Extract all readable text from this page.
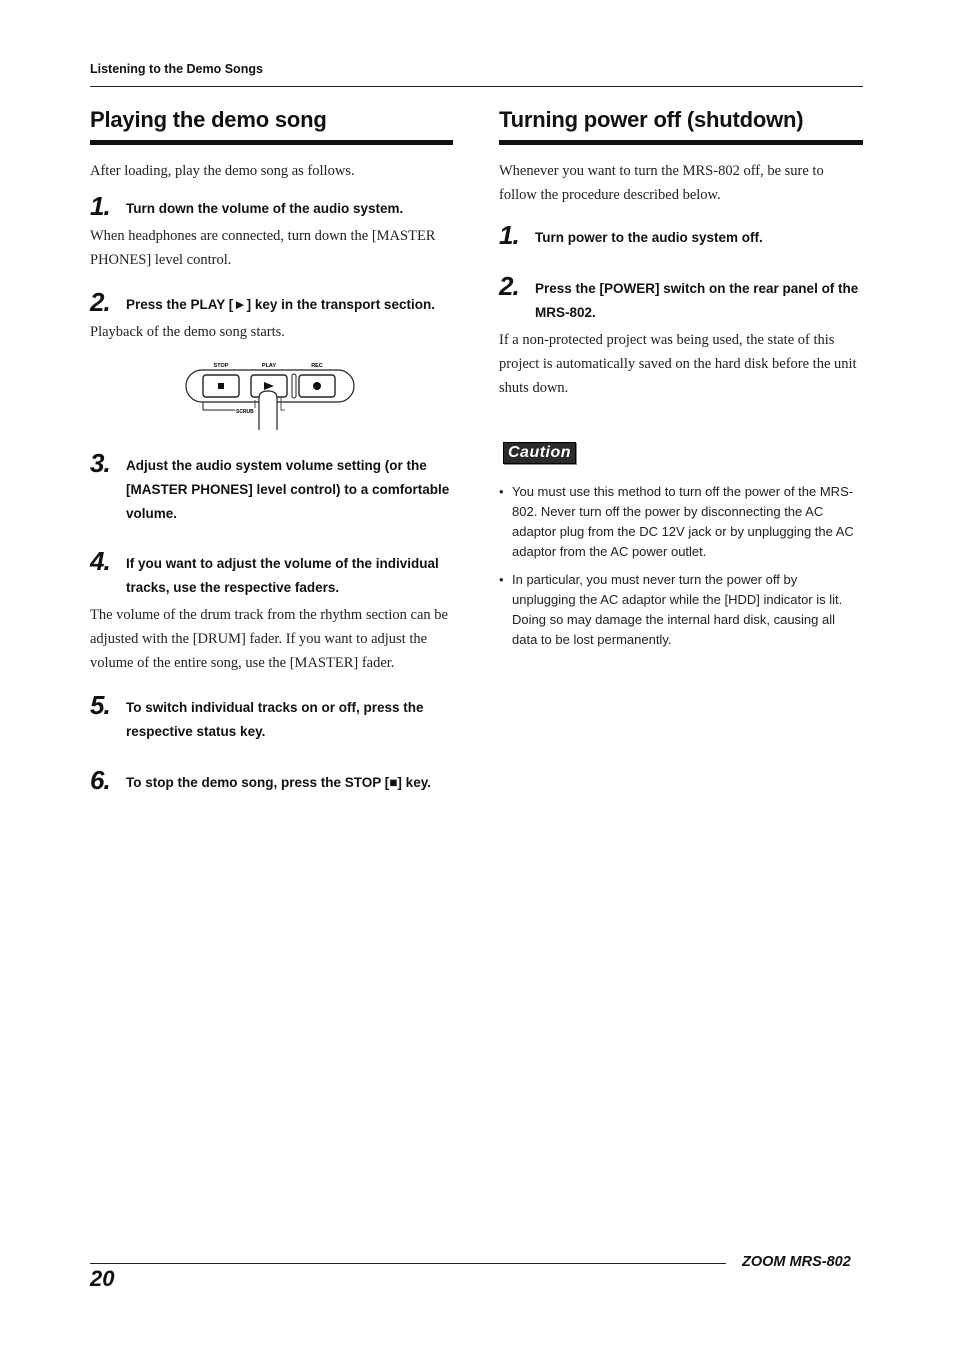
Listening to the Demo Songs
Playing the demo song

After loading, play the demo song as follows.

1. Turn down the volume of the audio system.

When headphones are connected, turn down the [MASTER PHONES] level control.

2. Press the PLAY [►] key in the transport section.

Playback of the demo song starts.

STOP	PLAY	REC
SCRUB
3. Adjust the audio system volume setting (or the [MASTER PHONES] level control) to a comfortable volume.
4. If you want to adjust the volume of the individual tracks, use the respective faders.

The volume of the drum track from the rhythm section can be adjusted with the [DRUM] fader. If you want to adjust the volume of the entire song, use the [MASTER] fader.

5. To switch individual tracks on or off, press the respective status key.
6. To stop the demo song, press the STOP [■] key.
Turning power off (shutdown)

Whenever you want to turn the MRS-802 off, be sure to follow the procedure described below.

1. Turn power to the audio system off.
2. Press the [POWER] switch on the rear panel of the MRS-802.

If a non-protected project was being used, the state of this project is automatically saved on the hard disk before the unit shuts down.

Caution
• You must use this method to turn off the power of the MRS-802. Never turn off the power by disconnecting the AC adaptor plug from the DC 12V jack or by unplugging the AC adaptor from the AC power outlet.
• In particular, you must never turn the power off by unplugging the AC adaptor while the [HDD] indicator is lit. Doing so may damage the internal hard disk, causing all data to be lost permanently.
20
ZOOM MRS-802
